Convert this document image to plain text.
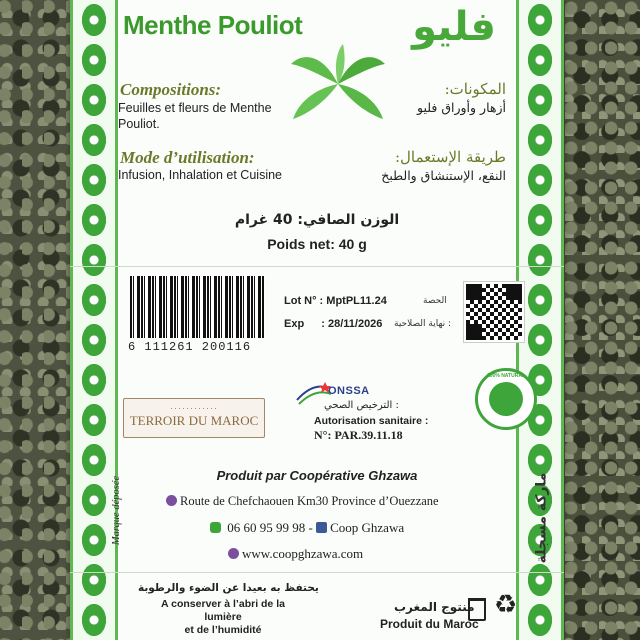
Menthe Pouliot	فليو
Compositions:
Feuilles et fleurs de Menthe Pouliot.
المكونات:
أزهار وأوراق فليو
Mode d’utilisation:
Infusion, Inhalation et Cuisine
طريقة الإستعمال:
النقع، الإستنشاق والطبخ
الوزن الصافي: 40 غرام
Poids net: 40 g
6 111261 200116
Lot N° : MptPL11.24	الحصة
Exp : 28/11/2026 نهاية الصلاحية :
············
TERROIR DU MAROC
ONSSA
الترخيص الصحي :
Autorisation sanitaire :
N°: PAR.39.11.18
100% NATURAL
Marque déposée	ماركة مسجلة
Produit par Coopérative Ghzawa
Route de Chefchaouen Km30 Province d’Ouezzane
06 60 95 99 98 - Coop Ghzawa
www.coopghzawa.com
يحتفظ به بعيدا عن الضوء والرطوبة
A conserver à l’abri de la lumière
et de l’humidité
منتوج المغرب
Produit du Maroc
♻
